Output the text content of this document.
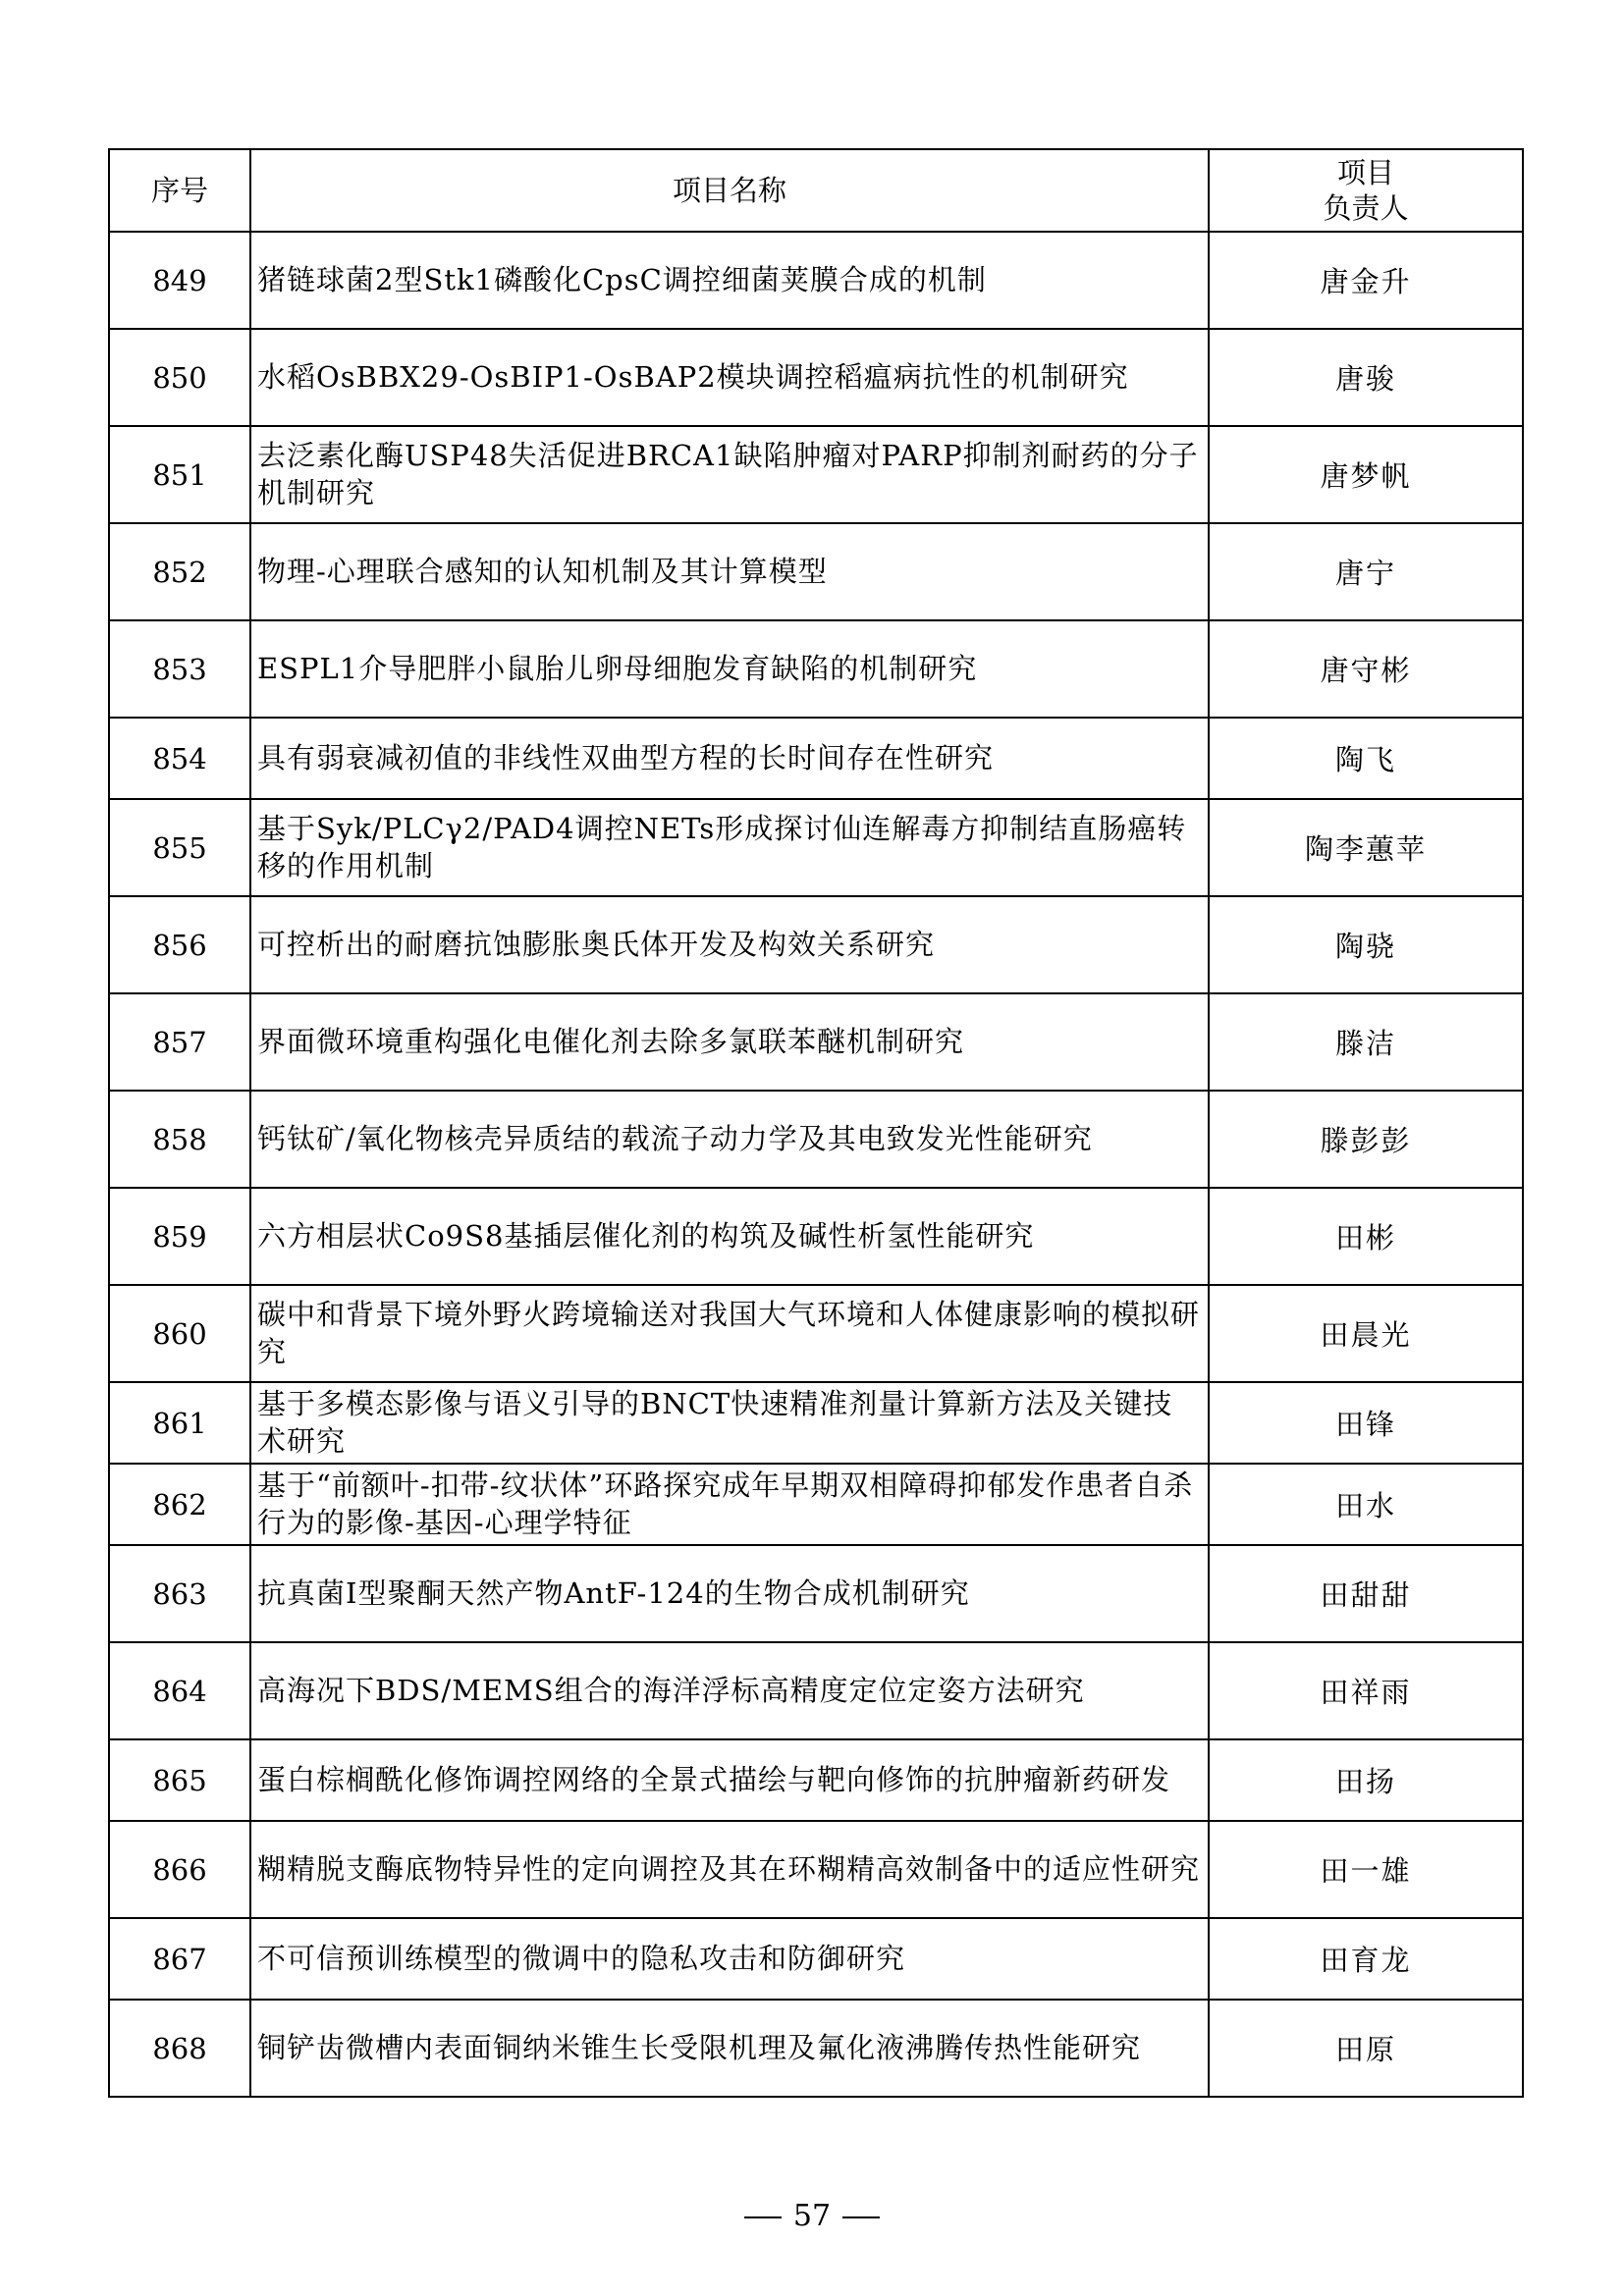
序号	项目名称	项目
负责人

849	猪链球菌2型Stk1磷酸化CpsC调控细菌荚膜合成的机制	唐金升
850	水稻OsBBX29-OsBIP1-OsBAP2模块调控稻瘟病抗性的机制研究	唐骏
851	去泛素化酶USP48失活促进BRCA1缺陷肿瘤对PARP抑制剂耐药的分子机制研究	唐梦帆
852	物理-心理联合感知的认知机制及其计算模型	唐宁
853	ESPL1介导肥胖小鼠胎儿卵母细胞发育缺陷的机制研究	唐守彬
854	具有弱衰减初值的非线性双曲型方程的长时间存在性研究	陶飞
855	基于Syk/PLCγ2/PAD4调控NETs形成探讨仙连解毒方抑制结直肠癌转移的作用机制	陶李蕙苹
856	可控析出的耐磨抗蚀膨胀奥氏体开发及构效关系研究	陶骁
857	界面微环境重构强化电催化剂去除多氯联苯醚机制研究	滕洁
858	钙钛矿/氧化物核壳异质结的载流子动力学及其电致发光性能研究	滕彭彭
859	六方相层状Co9S8基插层催化剂的构筑及碱性析氢性能研究	田彬
860	碳中和背景下境外野火跨境输送对我国大气环境和人体健康影响的模拟研究	田晨光
861	基于多模态影像与语义引导的BNCT快速精准剂量计算新方法及关键技术研究	田锋
862	基于“前额叶-扣带-纹状体”环路探究成年早期双相障碍抑郁发作患者自杀行为的影像-基因-心理学特征	田水
863	抗真菌Ⅰ型聚酮天然产物AntF-124的生物合成机制研究	田甜甜
864	高海况下BDS/MEMS组合的海洋浮标高精度定位定姿方法研究	田祥雨
865	蛋白棕榈酰化修饰调控网络的全景式描绘与靶向修饰的抗肿瘤新药研发	田扬
866	糊精脱支酶底物特异性的定向调控及其在环糊精高效制备中的适应性研究	田一雄
867	不可信预训练模型的微调中的隐私攻击和防御研究	田育龙
868	铜铲齿微槽内表面铜纳米锥生长受限机理及氟化液沸腾传热性能研究	田原
57
